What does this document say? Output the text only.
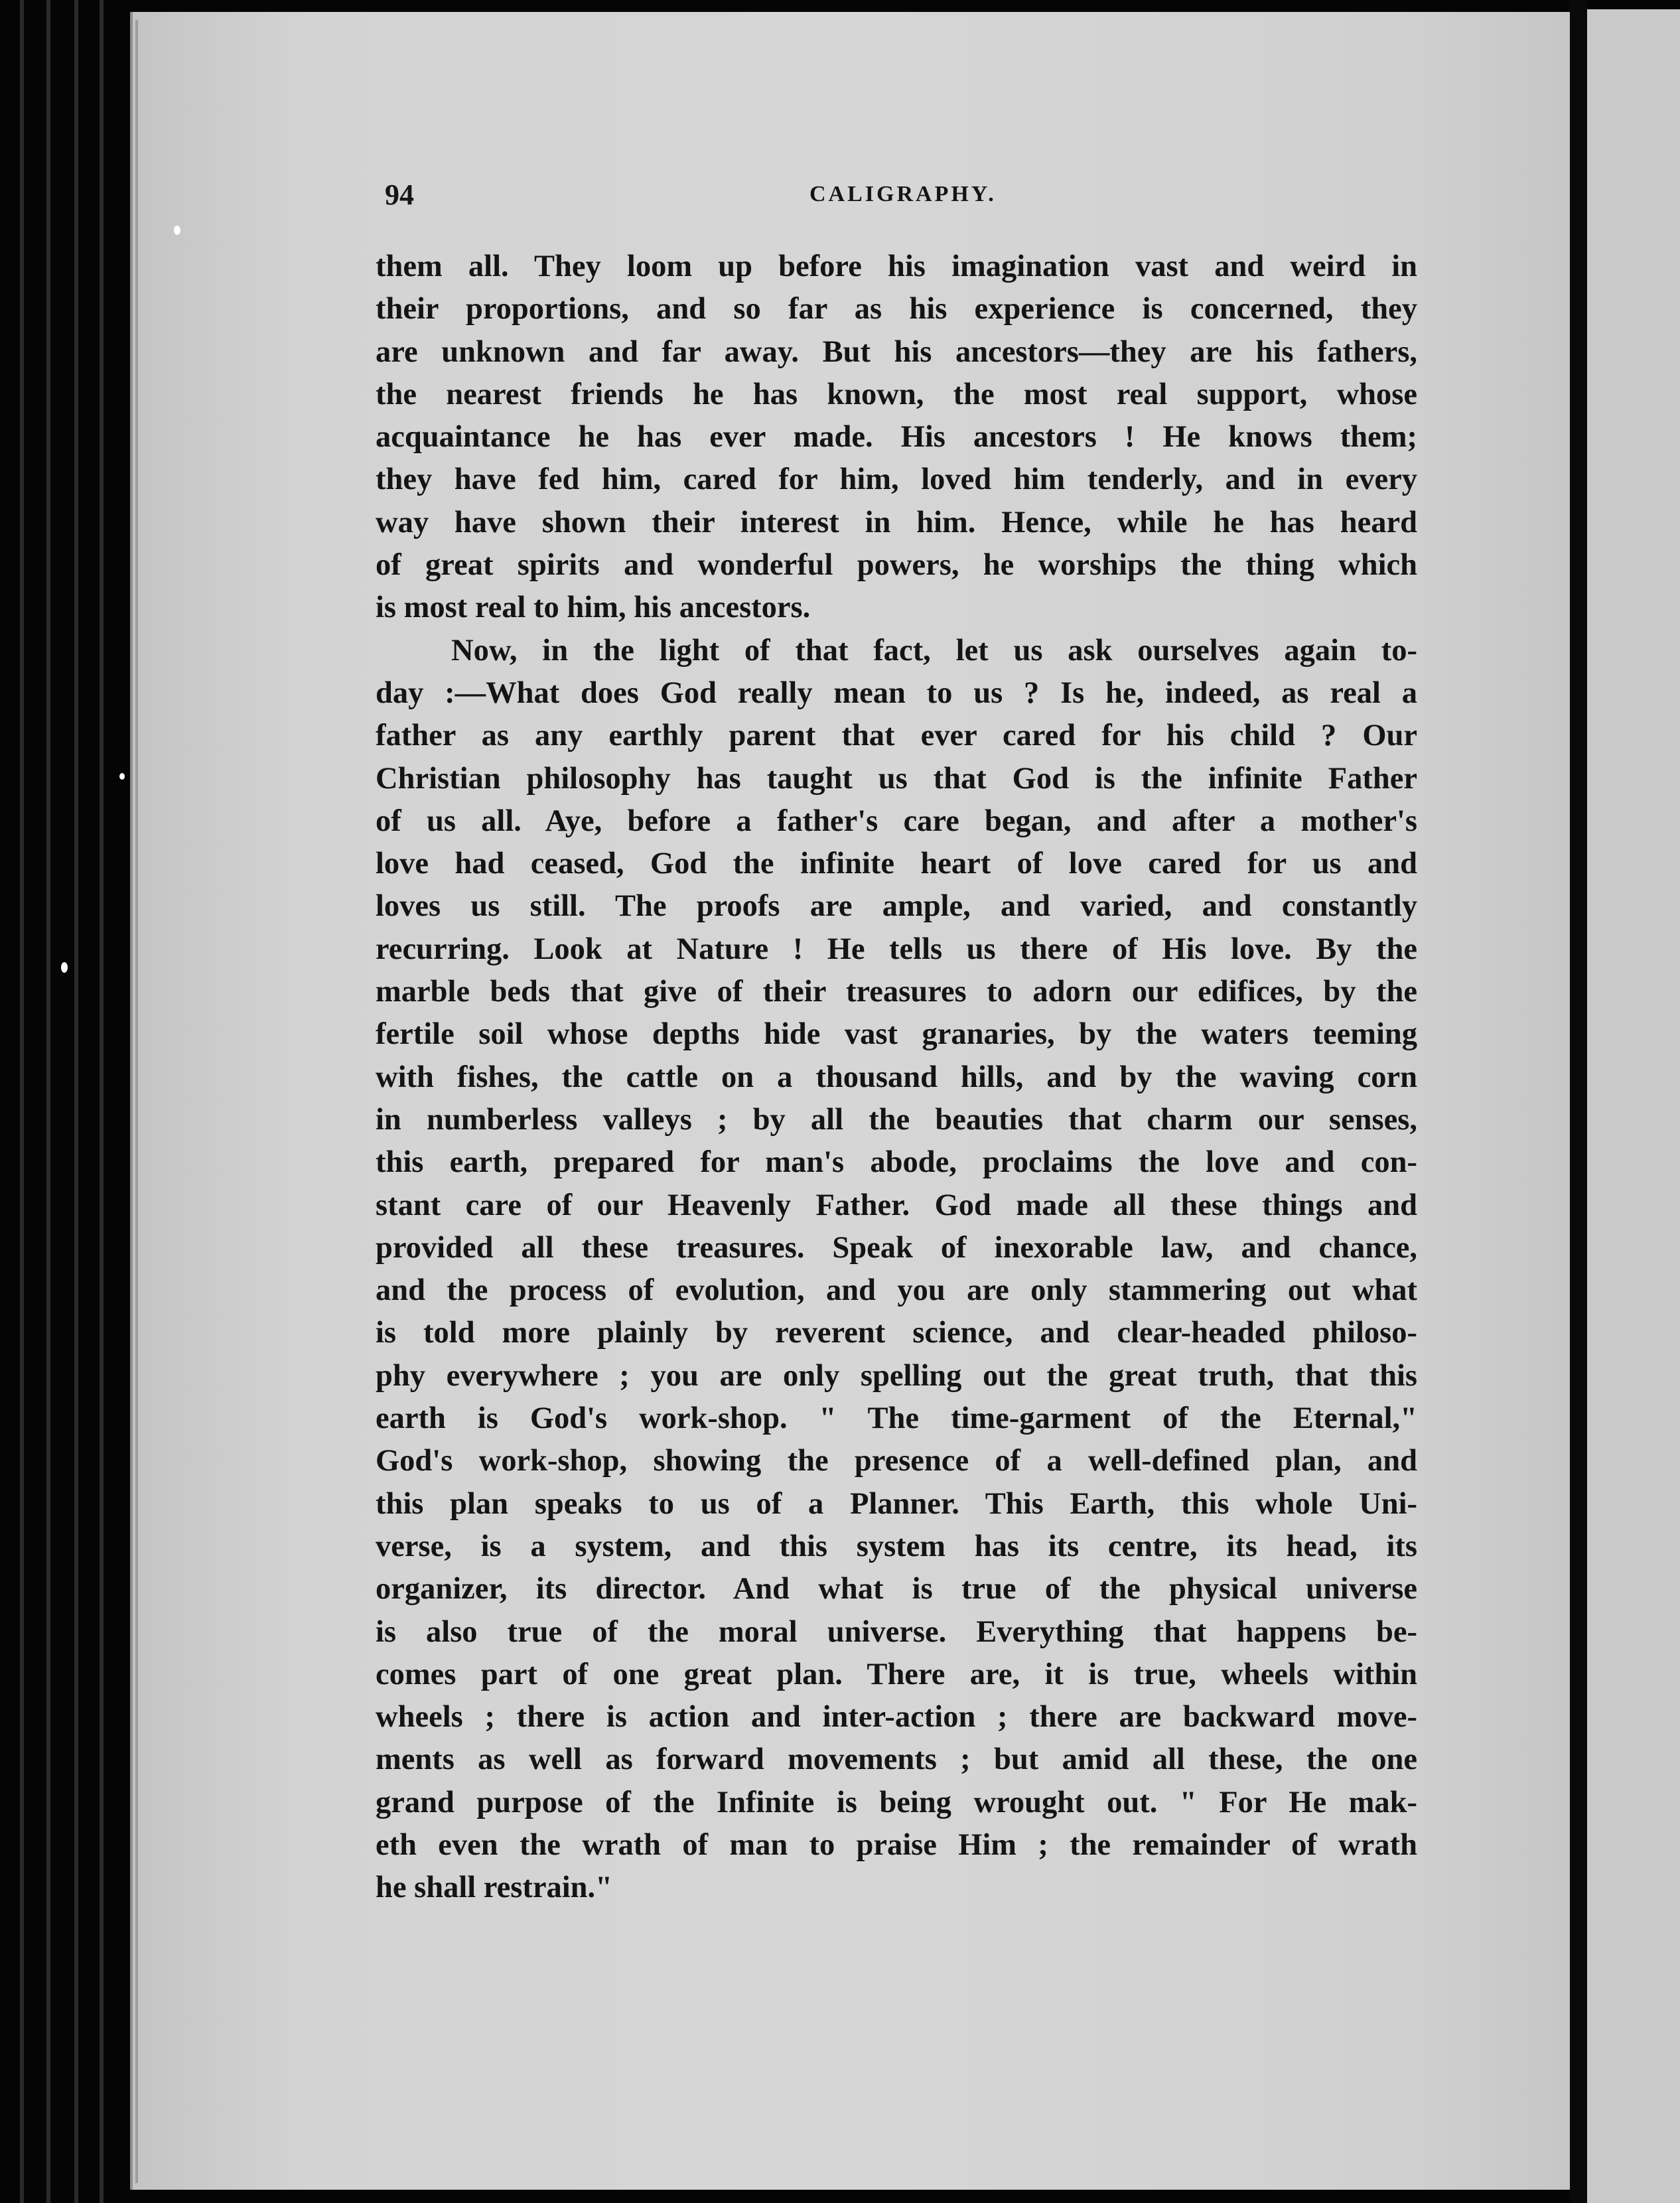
94	CALIGRAPHY.
them all. They loom up before his imagination vast and weird in
their proportions, and so far as his experience is concerned, they
are unknown and far away. But his ancestors—they are his fathers,
the nearest friends he has known, the most real support, whose
acquaintance he has ever made. His ancestors ! He knows them;
they have fed him, cared for him, loved him tenderly, and in every
way have shown their interest in him. Hence, while he has heard
of great spirits and wonderful powers, he worships the thing which
is most real to him, his ancestors.
Now, in the light of that fact, let us ask ourselves again to-
day :—What does God really mean to us ? Is he, indeed, as real a
father as any earthly parent that ever cared for his child ? Our
Christian philosophy has taught us that God is the infinite Father
of us all. Aye, before a father's care began, and after a mother's
love had ceased, God the infinite heart of love cared for us and
loves us still. The proofs are ample, and varied, and constantly
recurring. Look at Nature ! He tells us there of His love. By the
marble beds that give of their treasures to adorn our edifices, by the
fertile soil whose depths hide vast granaries, by the waters teeming
with fishes, the cattle on a thousand hills, and by the waving corn
in numberless valleys ; by all the beauties that charm our senses,
this earth, prepared for man's abode, proclaims the love and con-
stant care of our Heavenly Father. God made all these things and
provided all these treasures. Speak of inexorable law, and chance,
and the process of evolution, and you are only stammering out what
is told more plainly by reverent science, and clear-headed philoso-
phy everywhere ; you are only spelling out the great truth, that this
earth is God's work-shop. " The time-garment of the Eternal,"
God's work-shop, showing the presence of a well-defined plan, and
this plan speaks to us of a Planner. This Earth, this whole Uni-
verse, is a system, and this system has its centre, its head, its
organizer, its director. And what is true of the physical universe
is also true of the moral universe. Everything that happens be-
comes part of one great plan. There are, it is true, wheels within
wheels ; there is action and inter-action ; there are backward move-
ments as well as forward movements ; but amid all these, the one
grand purpose of the Infinite is being wrought out. " For He mak-
eth even the wrath of man to praise Him ; the remainder of wrath
he shall restrain."
